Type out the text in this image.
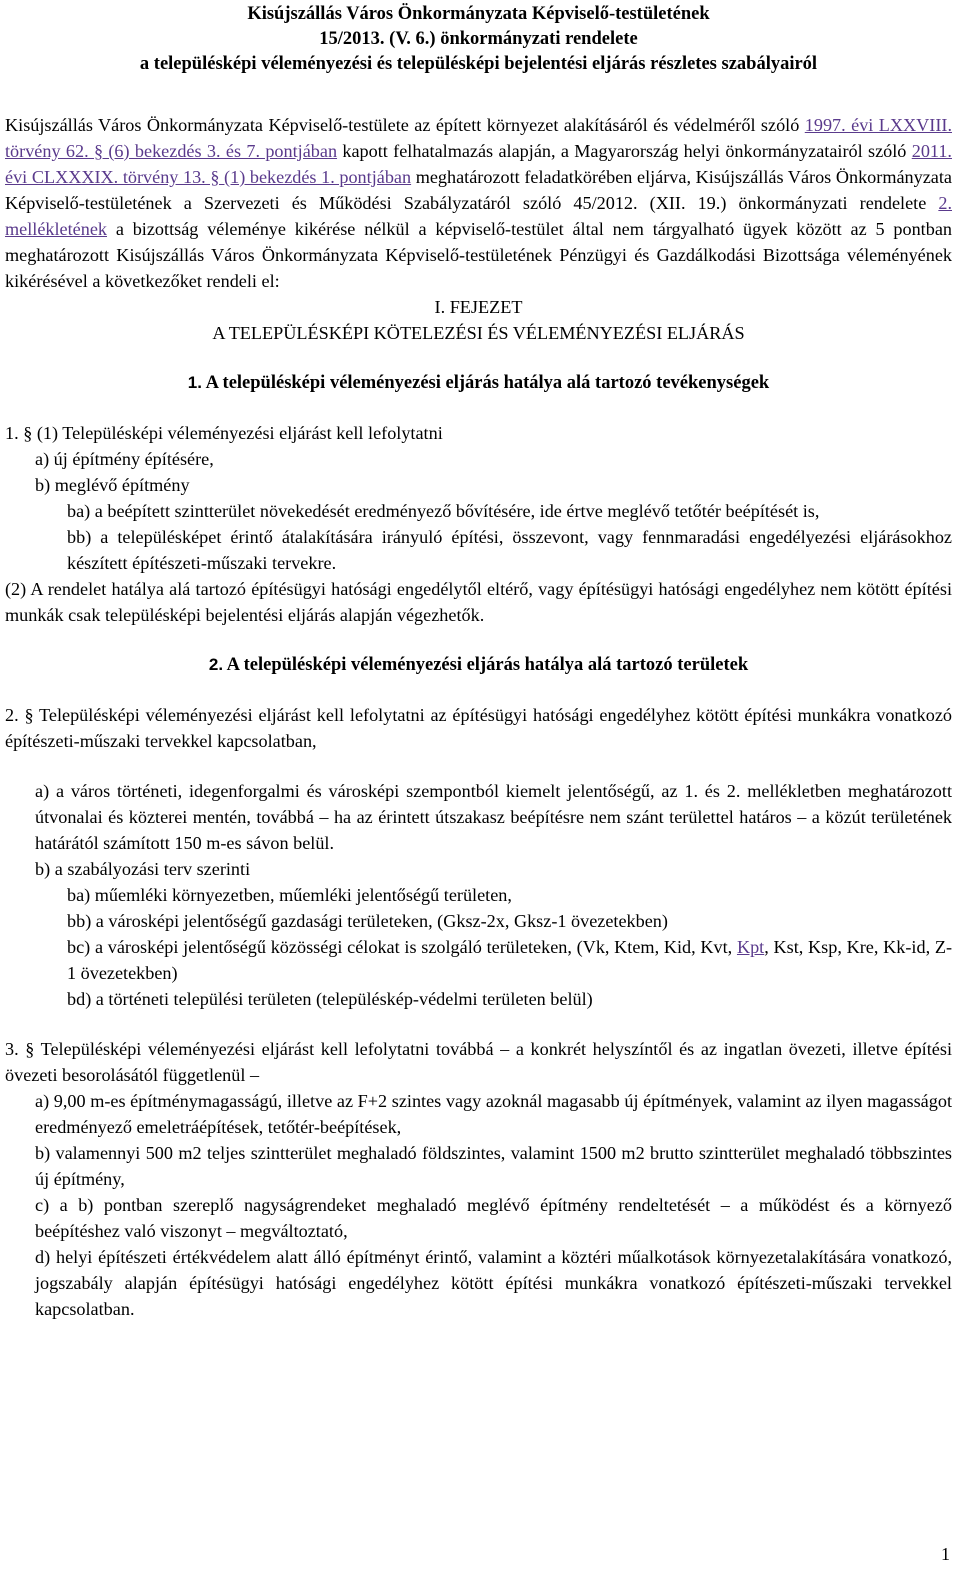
Kisújszállás Város Önkormányzata Képviselő-testületének

15/2013. (V. 6.) önkormányzati rendelete

a településképi véleményezési és településképi bejelentési eljárás részletes szabályairól

Kisújszállás Város Önkormányzata Képviselő-testülete az épített környezet alakításáról és védelméről szóló 1997. évi LXXVIII. törvény 62. § (6) bekezdés 3. és 7. pontjában kapott felhatalmazás alapján, a Magyarország helyi önkormányzatairól szóló 2011. évi CLXXXIX. törvény 13. § (1) bekezdés 1. pontjában meghatározott feladatkörében eljárva, Kisújszállás Város Önkormányzata Képviselő-testületének a Szervezeti és Működési Szabályzatáról szóló 45/2012. (XII. 19.) önkormányzati rendelete 2. mellékletének a bizottság véleménye kikérése nélkül a képviselő-testület által nem tárgyalható ügyek között az 5 pontban meghatározott Kisújszállás Város Önkormányzata Képviselő-testületének Pénzügyi és Gazdálkodási Bizottsága véleményének kikérésével a következőket rendeli el:

I. FEJEZET

A TELEPÜLÉSKÉPI KÖTELEZÉSI ÉS VÉLEMÉNYEZÉSI ELJÁRÁS

1. A településképi véleményezési eljárás hatálya alá tartozó tevékenységek

1. § (1) Településképi véleményezési eljárást kell lefolytatni

a) új építmény építésére,

b) meglévő építmény

ba) a beépített szintterület növekedését eredményező bővítésére, ide értve meglévő tetőtér beépítését is,

bb) a településképet érintő átalakítására irányuló építési, összevont, vagy fennmaradási engedélyezési eljárásokhoz készített építészeti-műszaki tervekre.

(2) A rendelet hatálya alá tartozó építésügyi hatósági engedélytől eltérő, vagy építésügyi hatósági engedélyhez nem kötött építési munkák csak településképi bejelentési eljárás alapján végezhetők.

2. A településképi véleményezési eljárás hatálya alá tartozó területek

2. § Településképi véleményezési eljárást kell lefolytatni az építésügyi hatósági engedélyhez kötött építési munkákra vonatkozó építészeti-műszaki tervekkel kapcsolatban,

a) a város történeti, idegenforgalmi és városképi szempontból kiemelt jelentőségű, az 1. és 2. mellékletben meghatározott útvonalai és közterei mentén, továbbá – ha az érintett útszakasz beépítésre nem szánt területtel határos – a közút területének határától számított 150 m-es sávon belül.

b) a szabályozási terv szerinti

ba) műemléki környezetben, műemléki jelentőségű területen,

bb) a városképi jelentőségű gazdasági területeken, (Gksz-2x, Gksz-1 övezetekben)

bc) a városképi jelentőségű közösségi célokat is szolgáló területeken, (Vk, Ktem, Kid, Kvt, Kpt, Kst, Ksp, Kre, Kk-id, Z-1 övezetekben)

bd) a történeti települési területen (településkép-védelmi területen belül)

3. § Településképi véleményezési eljárást kell lefolytatni továbbá – a konkrét helyszíntől és az ingatlan övezeti, illetve építési övezeti besorolásától függetlenül –

a) 9,00 m-es építménymagasságú, illetve az F+2 szintes vagy azoknál magasabb új építmények, valamint az ilyen magasságot eredményező emeletráépítések, tetőtér-beépítések,

b) valamennyi 500 m2 teljes szintterület meghaladó földszintes, valamint 1500 m2 brutto szintterület meghaladó többszintes új építmény,

c) a b) pontban szereplő nagyságrendeket meghaladó meglévő építmény rendeltetését – a működést és a környező beépítéshez való viszonyt – megváltoztató,

d) helyi építészeti értékvédelem alatt álló építményt érintő, valamint a köztéri műalkotások környezetalakítására vonatkozó, jogszabály alapján építésügyi hatósági engedélyhez kötött építési munkákra vonatkozó építészeti-műszaki tervekkel kapcsolatban.

1
